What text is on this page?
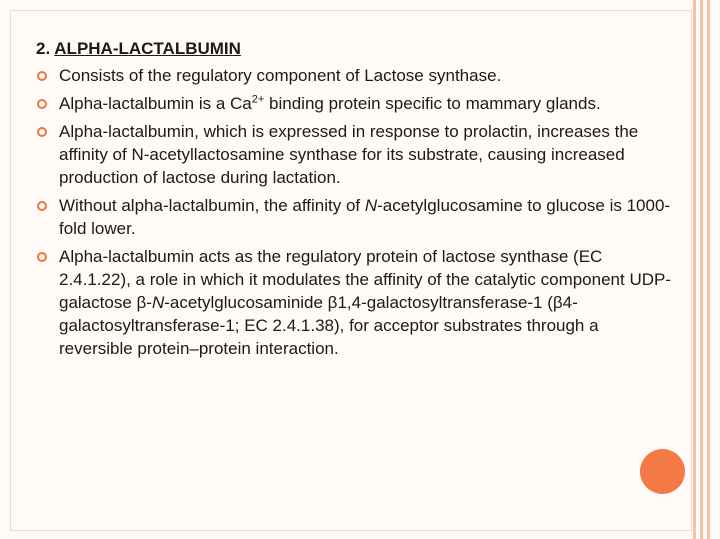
2. ALPHA-LACTALBUMIN
Consists of the regulatory component of Lactose synthase.
Alpha-lactalbumin is a $Ca^{2+}$ binding protein specific to mammary glands.
Alpha-lactalbumin, which is expressed in response to prolactin, increases the affinity of N-acetyllactosamine synthase for its substrate, causing increased production of lactose during lactation.
Without alpha-lactalbumin, the affinity of N-acetylglucosamine to glucose is 1000-fold lower.
Alpha-lactalbumin acts as the regulatory protein of lactose synthase (EC 2.4.1.22), a role in which it modulates the affinity of the catalytic component UDP-galactose β-N-acetylglucosaminide β1,4-galactosyltransferase-1 (β4-galactosyltransferase-1; EC 2.4.1.38), for acceptor substrates through a reversible protein–protein interaction.
